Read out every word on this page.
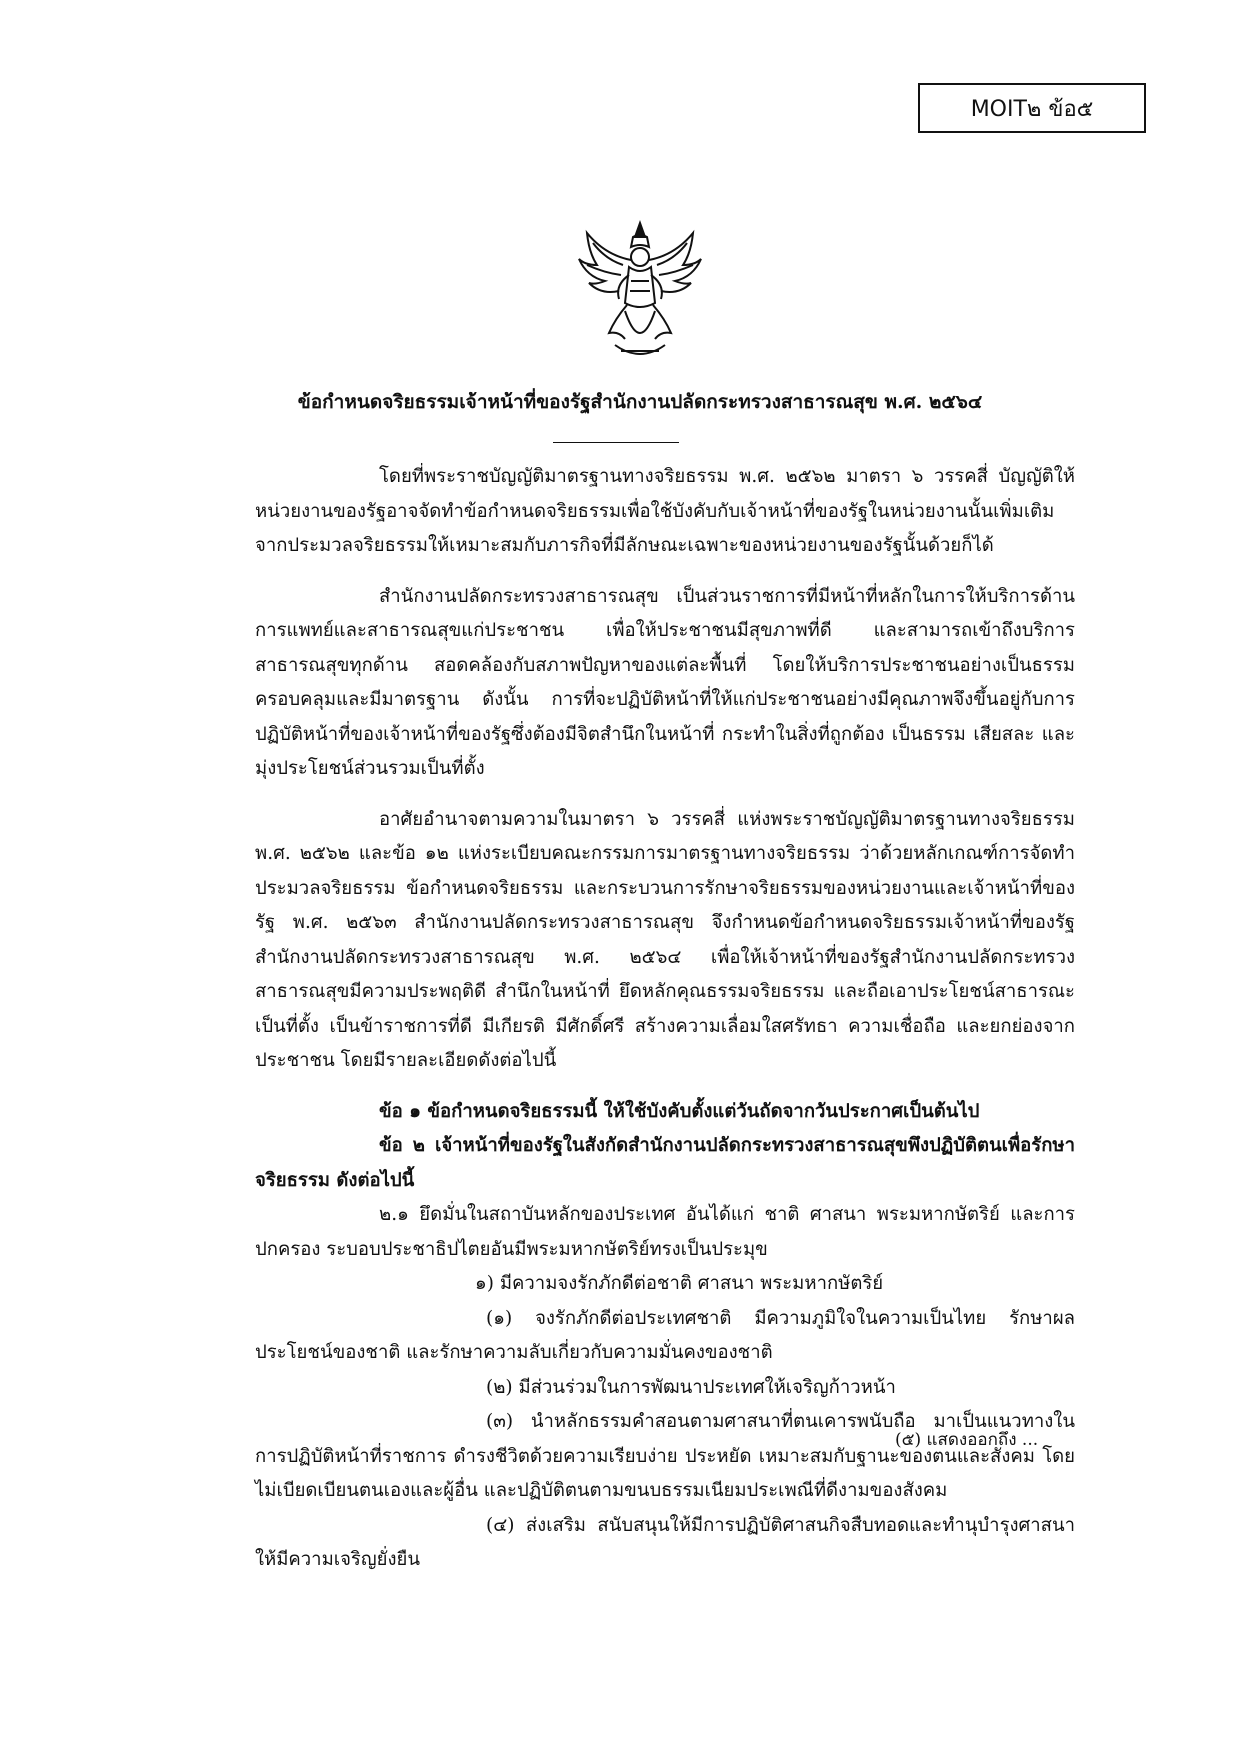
MOIT๒ ข้อ๕
ข้อกำหนดจริยธรรมเจ้าหน้าที่ของรัฐสำนักงานปลัดกระทรวงสาธารณสุข พ.ศ. ๒๕๖๔

โดยที่พระราชบัญญัติมาตรฐานทางจริยธรรม พ.ศ. ๒๕๖๒ มาตรา ๖ วรรคสี่ บัญญัติให้หน่วยงานของรัฐอาจจัดทำข้อกำหนดจริยธรรมเพื่อใช้บังคับกับเจ้าหน้าที่ของรัฐในหน่วยงานนั้นเพิ่มเติมจากประมวลจริยธรรมให้เหมาะสมกับภารกิจที่มีลักษณะเฉพาะของหน่วยงานของรัฐนั้นด้วยก็ได้

สำนักงานปลัดกระทรวงสาธารณสุข เป็นส่วนราชการที่มีหน้าที่หลักในการให้บริการด้านการแพทย์และสาธารณสุขแก่ประชาชน เพื่อให้ประชาชนมีสุขภาพที่ดี และสามารถเข้าถึงบริการสาธารณสุขทุกด้าน สอดคล้องกับสภาพปัญหาของแต่ละพื้นที่ โดยให้บริการประชาชนอย่างเป็นธรรม ครอบคลุมและมีมาตรฐาน ดังนั้น การที่จะปฏิบัติหน้าที่ให้แก่ประชาชนอย่างมีคุณภาพจึงขึ้นอยู่กับการปฏิบัติหน้าที่ของเจ้าหน้าที่ของรัฐซึ่งต้องมีจิตสำนึกในหน้าที่ กระทำในสิ่งที่ถูกต้อง เป็นธรรม เสียสละ และมุ่งประโยชน์ส่วนรวมเป็นที่ตั้ง

อาศัยอำนาจตามความในมาตรา ๖ วรรคสี่ แห่งพระราชบัญญัติมาตรฐานทางจริยธรรม พ.ศ. ๒๕๖๒ และข้อ ๑๒ แห่งระเบียบคณะกรรมการมาตรฐานทางจริยธรรม ว่าด้วยหลักเกณฑ์การจัดทำประมวลจริยธรรม ข้อกำหนดจริยธรรม และกระบวนการรักษาจริยธรรมของหน่วยงานและเจ้าหน้าที่ของรัฐ พ.ศ. ๒๕๖๓ สำนักงานปลัดกระทรวงสาธารณสุข จึงกำหนดข้อกำหนดจริยธรรมเจ้าหน้าที่ของรัฐสำนักงานปลัดกระทรวงสาธารณสุข พ.ศ. ๒๕๖๔ เพื่อให้เจ้าหน้าที่ของรัฐสำนักงานปลัดกระทรวงสาธารณสุขมีความประพฤติดี สำนึกในหน้าที่ ยึดหลักคุณธรรมจริยธรรม และถือเอาประโยชน์สาธารณะเป็นที่ตั้ง เป็นข้าราชการที่ดี มีเกียรติ มีศักดิ์ศรี สร้างความเลื่อมใสศรัทธา ความเชื่อถือ และยกย่องจากประชาชน โดยมีรายละเอียดดังต่อไปนี้

ข้อ ๑ ข้อกำหนดจริยธรรมนี้ ให้ใช้บังคับตั้งแต่วันถัดจากวันประกาศเป็นต้นไป

ข้อ ๒ เจ้าหน้าที่ของรัฐในสังกัดสำนักงานปลัดกระทรวงสาธารณสุขพึงปฏิบัติตนเพื่อรักษาจริยธรรม ดังต่อไปนี้

๒.๑ ยึดมั่นในสถาบันหลักของประเทศ อันได้แก่ ชาติ ศาสนา พระมหากษัตริย์ และการปกครอง ระบอบประชาธิปไตยอันมีพระมหากษัตริย์ทรงเป็นประมุข

๑) มีความจงรักภักดีต่อชาติ ศาสนา พระมหากษัตริย์

(๑) จงรักภักดีต่อประเทศชาติ มีความภูมิใจในความเป็นไทย รักษาผลประโยชน์ของชาติ และรักษาความลับเกี่ยวกับความมั่นคงของชาติ

(๒) มีส่วนร่วมในการพัฒนาประเทศให้เจริญก้าวหน้า

(๓) นำหลักธรรมคำสอนตามศาสนาที่ตนเคารพนับถือ มาเป็นแนวทางในการปฏิบัติหน้าที่ราชการ ดำรงชีวิตด้วยความเรียบง่าย ประหยัด เหมาะสมกับฐานะของตนและสังคม โดยไม่เบียดเบียนตนเองและผู้อื่น และปฏิบัติตนตามขนบธรรมเนียมประเพณีที่ดีงามของสังคม

(๔) ส่งเสริม สนับสนุนให้มีการปฏิบัติศาสนกิจสืบทอดและทำนุบำรุงศาสนาให้มีความเจริญยั่งยืน

(๕) แสดงออกถึง ...
